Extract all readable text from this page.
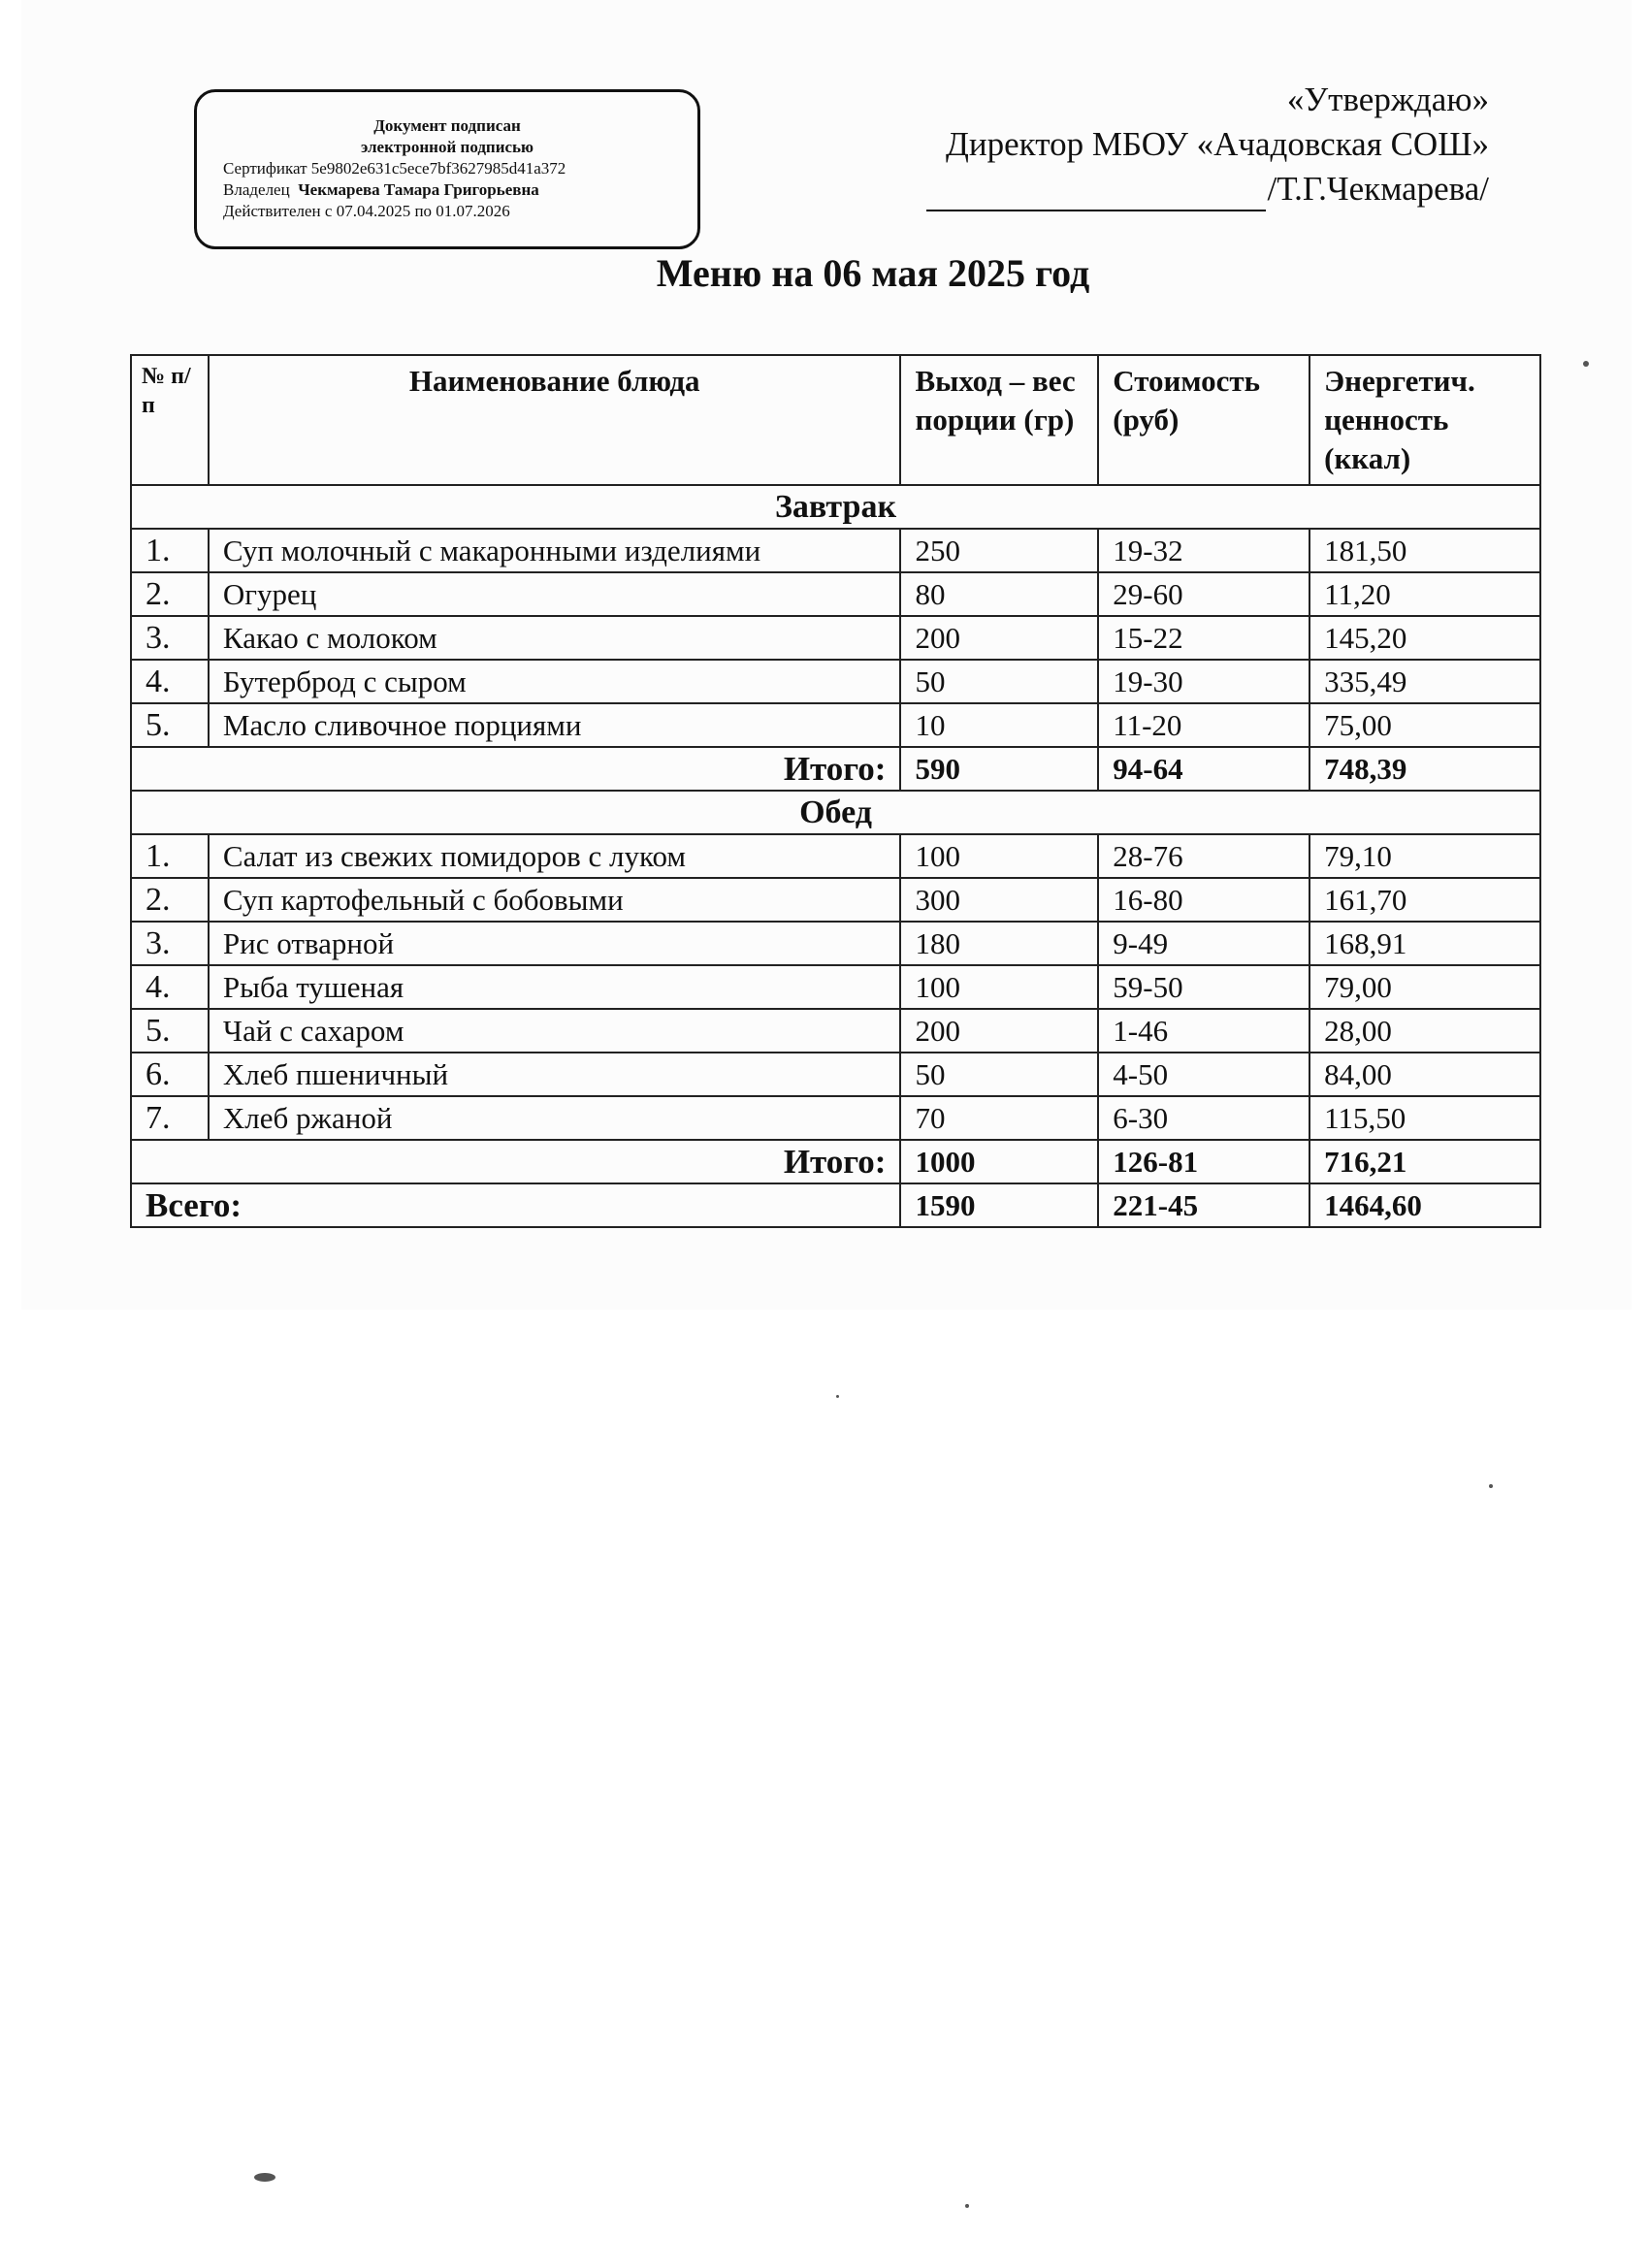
Документ подписан
электронной подписью
Сертификат 5e9802e631c5ece7bf3627985d41a372
Владелец Чекмарева Тамара Григорьевна
Действителен с 07.04.2025 по 01.07.2026
«Утверждаю»
Директор МБОУ «Ачадовская СОШ»
/Т.Г.Чекмарева/
Меню на 06 мая 2025 год
№ п/п	Наименование блюда	Выход – вес порции (гр)	Стоимость (руб)	Энергетич. ценность (ккал)
Завтрак				
1.	Суп молочный с макаронными изделиями	250	19-32	181,50
2.	Огурец	80	29-60	11,20
3.	Какао с молоком	200	15-22	145,20
4.	Бутерброд с сыром	50	19-30	335,49
5.	Масло сливочное порциями	10	11-20	75,00
Итого:		590	94-64	748,39
Обед				
1.	Салат из свежих помидоров с луком	100	28-76	79,10
2.	Суп картофельный с бобовыми	300	16-80	161,70
3.	Рис отварной	180	9-49	168,91
4.	Рыба тушеная	100	59-50	79,00
5.	Чай с сахаром	200	1-46	28,00
6.	Хлеб пшеничный	50	4-50	84,00
7.	Хлеб ржаной	70	6-30	115,50
Итого:		1000	126-81	716,21
Всего:		1590	221-45	1464,60
